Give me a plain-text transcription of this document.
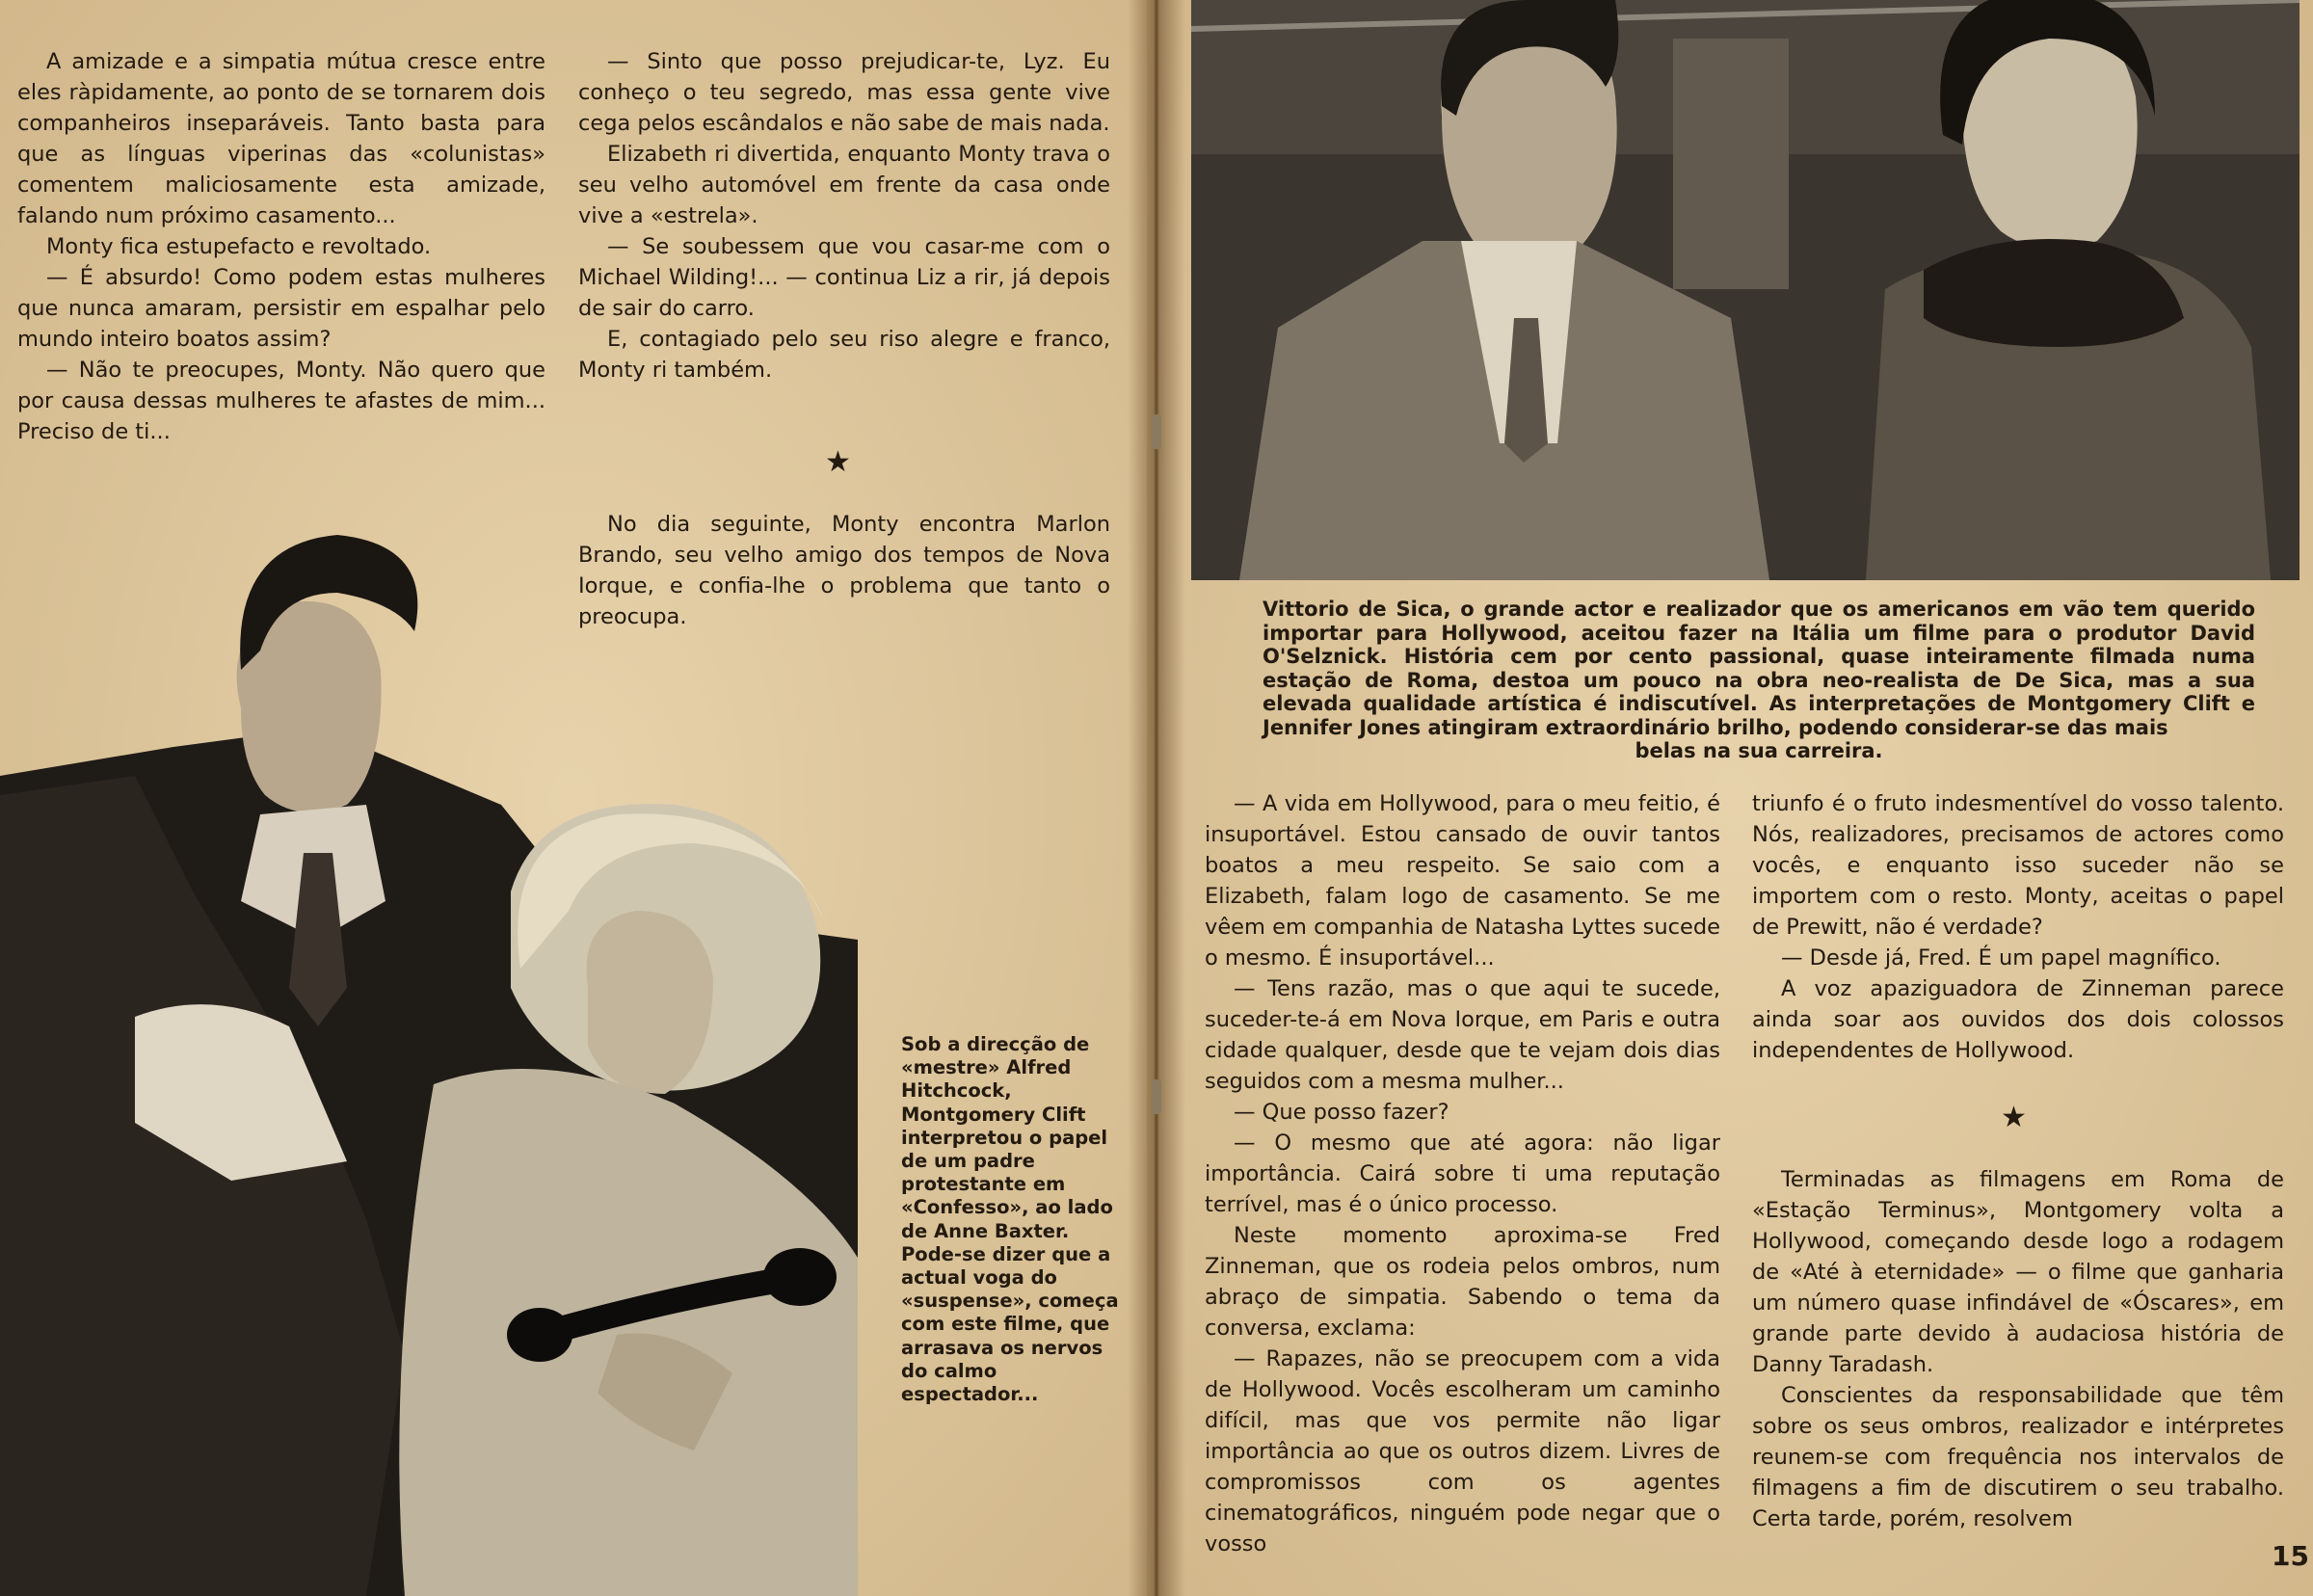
A amizade e a simpatia mútua cresce entre eles ràpidamente, ao ponto de se tornarem dois companheiros inseparáveis. Tanto basta para que as línguas viperinas das «colunistas» comentem maliciosamente esta amizade, falando num próximo casamento...

Monty fica estupefacto e revoltado.

— É absurdo! Como podem estas mulheres que nunca amaram, persistir em espalhar pelo mundo inteiro boatos assim?

— Não te preocupes, Monty. Não quero que por causa dessas mulheres te afastes de mim... Preciso de ti...

— Sinto que posso prejudicar-te, Lyz. Eu conheço o teu segredo, mas essa gente vive cega pelos escândalos e não sabe de mais nada.

Elizabeth ri divertida, enquanto Monty trava o seu velho automóvel em frente da casa onde vive a «estrela».

— Se soubessem que vou casar-me com o Michael Wilding!... — continua Liz a rir, já depois de sair do carro.

E, contagiado pelo seu riso alegre e franco, Monty ri também.

★

No dia seguinte, Monty encontra Marlon Brando, seu velho amigo dos tempos de Nova Iorque, e confia-lhe o problema que tanto o preocupa.

Sob a direcção de «mestre» Alfred Hitchcock, Montgomery Clift interpretou o papel de um padre protestante em «Confesso», ao lado de Anne Baxter. Pode-se dizer que a actual voga do «suspense», começa com este filme, que arrasava os nervos do calmo espectador...
Vittorio de Sica, o grande actor e realizador que os americanos em vão tem querido importar para Hollywood, aceitou fazer na Itália um filme para o produtor David O'Selznick. História cem por cento passional, quase inteiramente filmada numa estação de Roma, destoa um pouco na obra neo-realista de De Sica, mas a sua elevada qualidade artística é indiscutível. As interpretações de Montgomery Clift e Jennifer Jones atingiram extraordinário brilho, podendo considerar-se das mais
belas na sua carreira.

— A vida em Hollywood, para o meu feitio, é insuportável. Estou cansado de ouvir tantos boatos a meu respeito. Se saio com a Elizabeth, falam logo de casamento. Se me vêem em companhia de Natasha Lyttes sucede o mesmo. É insuportável...

— Tens razão, mas o que aqui te sucede, suceder-te-á em Nova Iorque, em Paris e outra cidade qualquer, desde que te vejam dois dias seguidos com a mesma mulher...

— Que posso fazer?

— O mesmo que até agora: não ligar importância. Cairá sobre ti uma reputação terrível, mas é o único processo.

Neste momento aproxima-se Fred Zinneman, que os rodeia pelos ombros, num abraço de simpatia. Sabendo o tema da conversa, exclama:

— Rapazes, não se preocupem com a vida de Hollywood. Vocês escolheram um caminho difícil, mas que vos permite não ligar importância ao que os outros dizem. Livres de compromissos com os agentes cinematográficos, ninguém pode negar que o vosso

triunfo é o fruto indesmentível do vosso talento. Nós, realizadores, precisamos de actores como vocês, e enquanto isso suceder não se importem com o resto. Monty, aceitas o papel de Prewitt, não é verdade?

— Desde já, Fred. É um papel magnífico.

A voz apaziguadora de Zinneman parece ainda soar aos ouvidos dos dois colossos independentes de Hollywood.

★

Terminadas as filmagens em Roma de «Estação Terminus», Montgomery volta a Hollywood, começando desde logo a rodagem de «Até à eternidade» — o filme que ganharia um número quase infindável de «Óscares», em grande parte devido à audaciosa história de Danny Taradash.

Conscientes da responsabilidade que têm sobre os seus ombros, realizador e intérpretes reunem-se com frequência nos intervalos de filmagens a fim de discutirem o seu trabalho. Certa tarde, porém, resolvem

15
